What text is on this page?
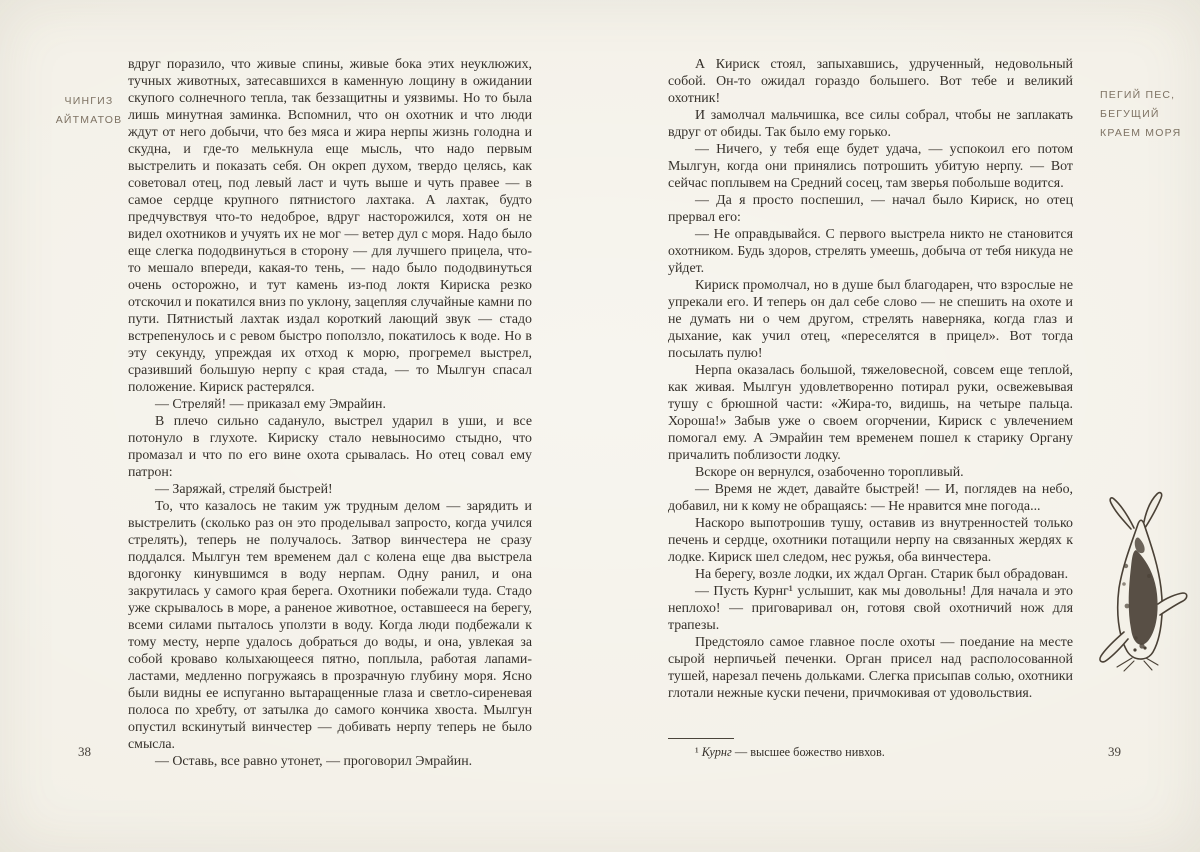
ЧИНГИЗ
АЙТМАТОВ
ПЕГИЙ ПЕС,
БЕГУЩИЙ
КРАЕМ МОРЯ

вдруг поразило, что живые спины, живые бока этих неуклюжих, тучных животных, затесавшихся в каменную лощину в ожидании скупого солнечного тепла, так беззащитны и уязвимы. Но то была лишь минутная заминка. Вспомнил, что он охотник и что люди ждут от него добычи, что без мяса и жира нерпы жизнь голодна и скудна, и где-то мелькнула еще мысль, что надо первым выстрелить и показать себя. Он окреп духом, твердо целясь, как советовал отец, под левый ласт и чуть выше и чуть правее — в самое сердце крупного пятнистого лахтака. А лахтак, будто предчувствуя что-то недоброе, вдруг насторожился, хотя он не видел охотников и учуять их не мог — ветер дул с моря. Надо было еще слегка пододвинуться в сторону — для лучшего прицела, что-то мешало впереди, какая-то тень, — надо было пододвинуться очень осторожно, и тут камень из-под локтя Кириска резко отскочил и покатился вниз по уклону, зацепляя случайные камни по пути. Пятнистый лахтак издал короткий лающий звук — стадо встрепенулось и с ревом быстро поползло, покатилось к воде. Но в эту секунду, упреждая их отход к морю, прогремел выстрел, сразивший большую нерпу с края стада, — то Мылгун спасал положение. Кириск растерялся.

— Стреляй! — приказал ему Эмрайин.

В плечо сильно садануло, выстрел ударил в уши, и все потонуло в глухоте. Кириску стало невыносимо стыдно, что промазал и что по его вине охота срывалась. Но отец совал ему патрон:

— Заряжай, стреляй быстрей!

То, что казалось не таким уж трудным делом — зарядить и выстрелить (сколько раз он это проделывал запросто, когда учился стрелять), теперь не получалось. Затвор винчестера не сразу поддался. Мылгун тем временем дал с колена еще два выстрела вдогонку кинувшимся в воду нерпам. Одну ранил, и она закрутилась у самого края берега. Охотники побежали туда. Стадо уже скрывалось в море, а раненое животное, оставшееся на берегу, всеми силами пыталось уползти в воду. Когда люди подбежали к тому месту, нерпе удалось добраться до воды, и она, увлекая за собой кроваво колыхающееся пятно, поплыла, работая лапами-ластами, медленно погружаясь в прозрачную глубину моря. Ясно были видны ее испуганно вытаращенные глаза и светло-сиреневая полоса по хребту, от затылка до самого кончика хвоста. Мылгун опустил вскинутый винчестер — добивать нерпу теперь не было смысла.

— Оставь, все равно утонет, — проговорил Эмрайин.

А Кириск стоял, запыхавшись, удрученный, недовольный собой. Он-то ожидал гораздо большего. Вот тебе и великий охотник!

И замолчал мальчишка, все силы собрал, чтобы не заплакать вдруг от обиды. Так было ему горько.

— Ничего, у тебя еще будет удача, — успокоил его потом Мылгун, когда они принялись потрошить убитую нерпу. — Вот сейчас поплывем на Средний сосец, там зверья побольше водится.

— Да я просто поспешил, — начал было Кириск, но отец прервал его:

— Не оправдывайся. С первого выстрела никто не становится охотником. Будь здоров, стрелять умеешь, добыча от тебя никуда не уйдет.

Кириск промолчал, но в душе был благодарен, что взрослые не упрекали его. И теперь он дал себе слово — не спешить на охоте и не думать ни о чем другом, стрелять наверняка, когда глаз и дыхание, как учил отец, «переселятся в прицел». Вот тогда посылать пулю!

Нерпа оказалась большой, тяжеловесной, совсем еще теплой, как живая. Мылгун удовлетворенно потирал руки, освежевывая тушу с брюшной части: «Жира-то, видишь, на четыре пальца. Хороша!» Забыв уже о своем огорчении, Кириск с увлечением помогал ему. А Эмрайин тем временем пошел к старику Органу причалить поблизости лодку.

Вскоре он вернулся, озабоченно торопливый.

— Время не ждет, давайте быстрей! — И, поглядев на небо, добавил, ни к кому не обращаясь: — Не нравится мне погода...

Наскоро выпотрошив тушу, оставив из внутренностей только печень и сердце, охотники потащили нерпу на связанных жердях к лодке. Кириск шел следом, нес ружья, оба винчестера.

На берегу, возле лодки, их ждал Орган. Старик был обрадован.

— Пусть Курнг¹ услышит, как мы довольны! Для начала и это неплохо! — приговаривал он, готовя свой охотничий нож для трапезы.

Предстояло самое главное после охоты — поедание на месте сырой нерпичьей печенки. Орган присел над располосованной тушей, нарезал печень дольками. Слегка присыпав солью, охотники глотали нежные куски печени, причмокивая от удовольствия.

¹ Курнг — высшее божество нивхов.
38	39
